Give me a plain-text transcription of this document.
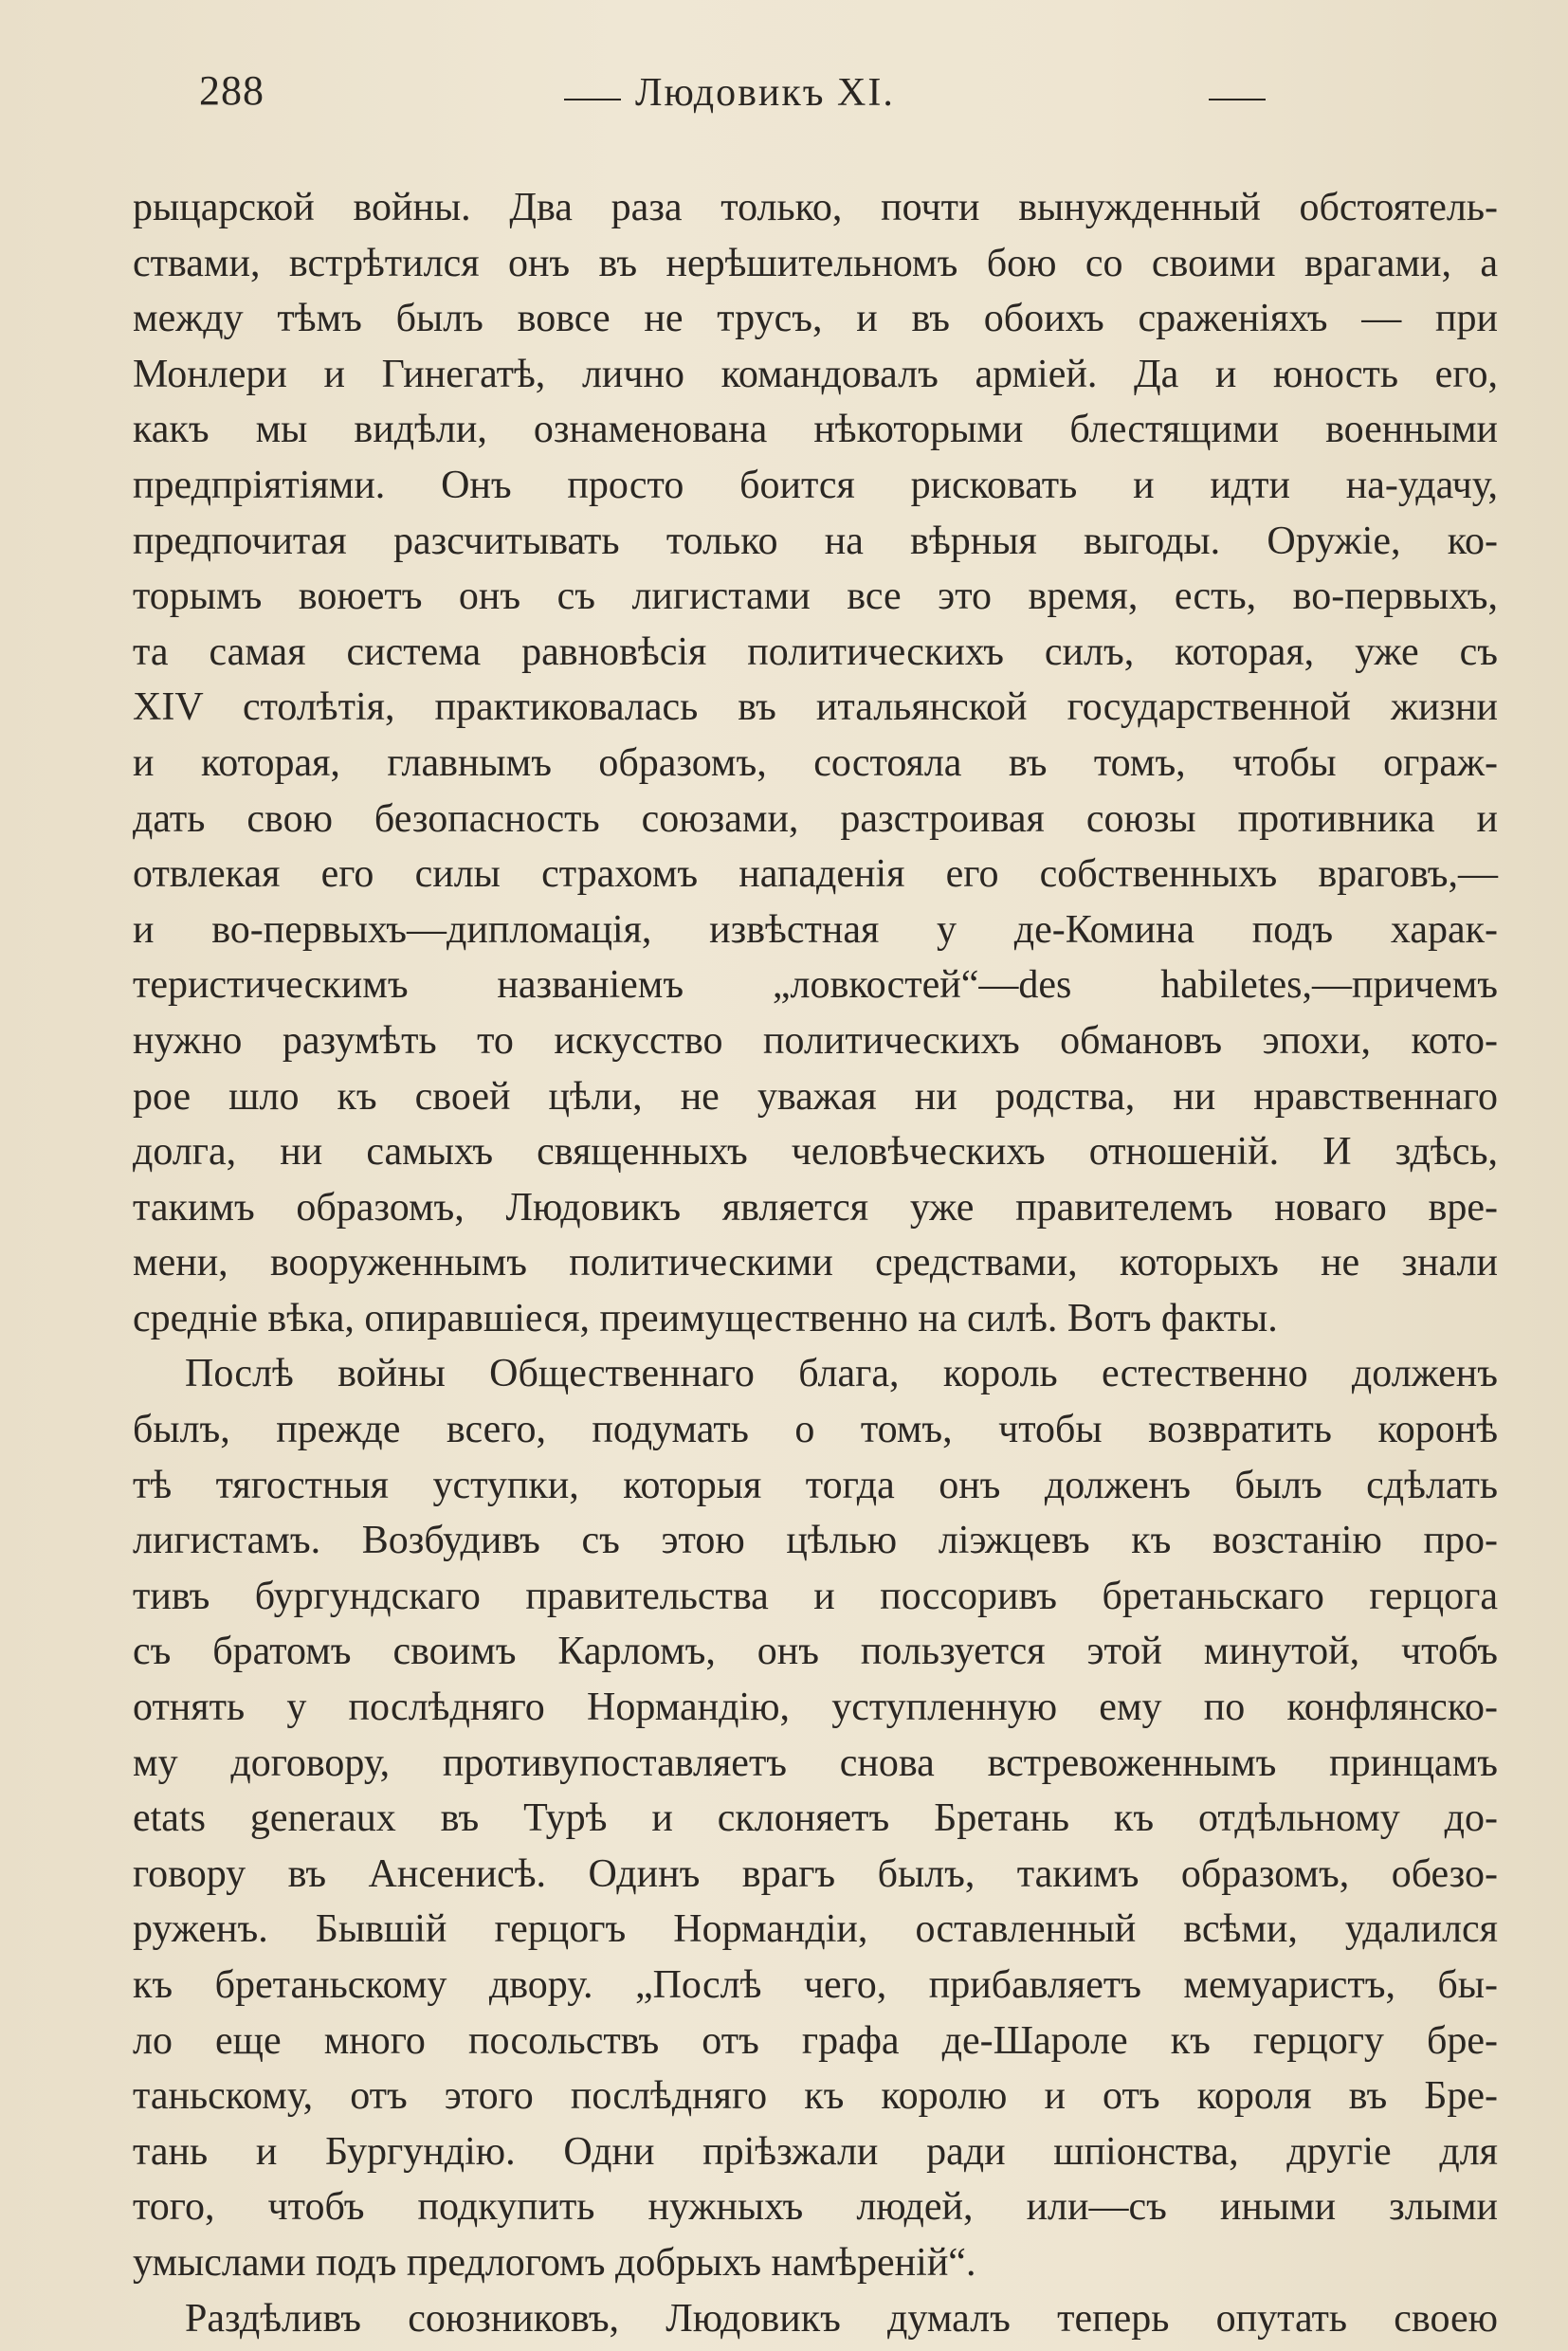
288	Людовикъ XI.
рыцарской войны. Два раза только, почти вынужденный обстоятель-
ствами, встрѣтился онъ въ нерѣшительномъ бою со своими врагами, а
между тѣмъ былъ вовсе не трусъ, и въ обоихъ сраженiяхъ — при
Монлери и Гинегатѣ, лично командовалъ арміей. Да и юность его,
какъ мы видѣли, ознаменована нѣкоторыми блестящими военными
предпріятіями. Онъ просто боится рисковать и идти на-удачу,
предпочитая разсчитывать только на вѣрныя выгоды. Оружіе, ко-
торымъ воюетъ онъ съ лигистами все это время, есть, во-первыхъ,
та самая система равновѣсія политическихъ силъ, которая, уже съ
XIV столѣтія, практиковалась въ итальянской государственной жизни
и которая, главнымъ образомъ, состояла въ томъ, чтобы ограж-
дать свою безопасность союзами, разстроивая союзы противника и
отвлекая его силы страхомъ нападенія его собственныхъ враговъ,—
и во-первыхъ—дипломація, извѣстная у де-Комина подъ харак-
теристическимъ названіемъ „ловкостей“—des habiletes,—причемъ
нужно разумѣть то искусство политическихъ обмановъ эпохи, кото-
рое шло къ своей цѣли, не уважая ни родства, ни нравственнаго
долга, ни самыхъ священныхъ человѣческихъ отношеній. И здѣсь,
такимъ образомъ, Людовикъ является уже правителемъ новаго вре-
мени, вооруженнымъ политическими средствами, которыхъ не знали
средніе вѣка, опиравшіеся, преимущественно на силѣ. Вотъ факты.
Послѣ войны Общественнаго блага, король естественно долженъ
былъ, прежде всего, подумать о томъ, чтобы возвратить коронѣ
тѣ тягостныя уступки, которыя тогда онъ долженъ былъ сдѣлать
лигистамъ. Возбудивъ съ этою цѣлью ліэжцевъ къ возстанію про-
тивъ бургундскаго правительства и поссоривъ бретаньскаго герцога
съ братомъ своимъ Карломъ, онъ пользуется этой минутой, чтобъ
отнять у послѣдняго Нормандію, уступленную ему по конфлянско-
му договору, противупоставляетъ снова встревоженнымъ принцамъ
etats generaux въ Турѣ и склоняетъ Бретань къ отдѣльному до-
говору въ Ансенисѣ. Одинъ врагъ былъ, такимъ образомъ, обезо-
руженъ. Бывшій герцогъ Нормандіи, оставленный всѣми, удалился
къ бретаньскому двору. „Послѣ чего, прибавляетъ мемуаристъ, бы-
ло еще много посольствъ отъ графа де-Шароле къ герцогу бре-
таньскому, отъ этого послѣдняго къ королю и отъ короля въ Бре-
тань и Бургундію. Одни пріѣзжали ради шпіонства, другіе для
того, чтобъ подкупить нужныхъ людей, или—съ иными злыми
умыслами подъ предлогомъ добрыхъ намѣреній“.
Раздѣливъ союзниковъ, Людовикъ думалъ теперь опутать своею
